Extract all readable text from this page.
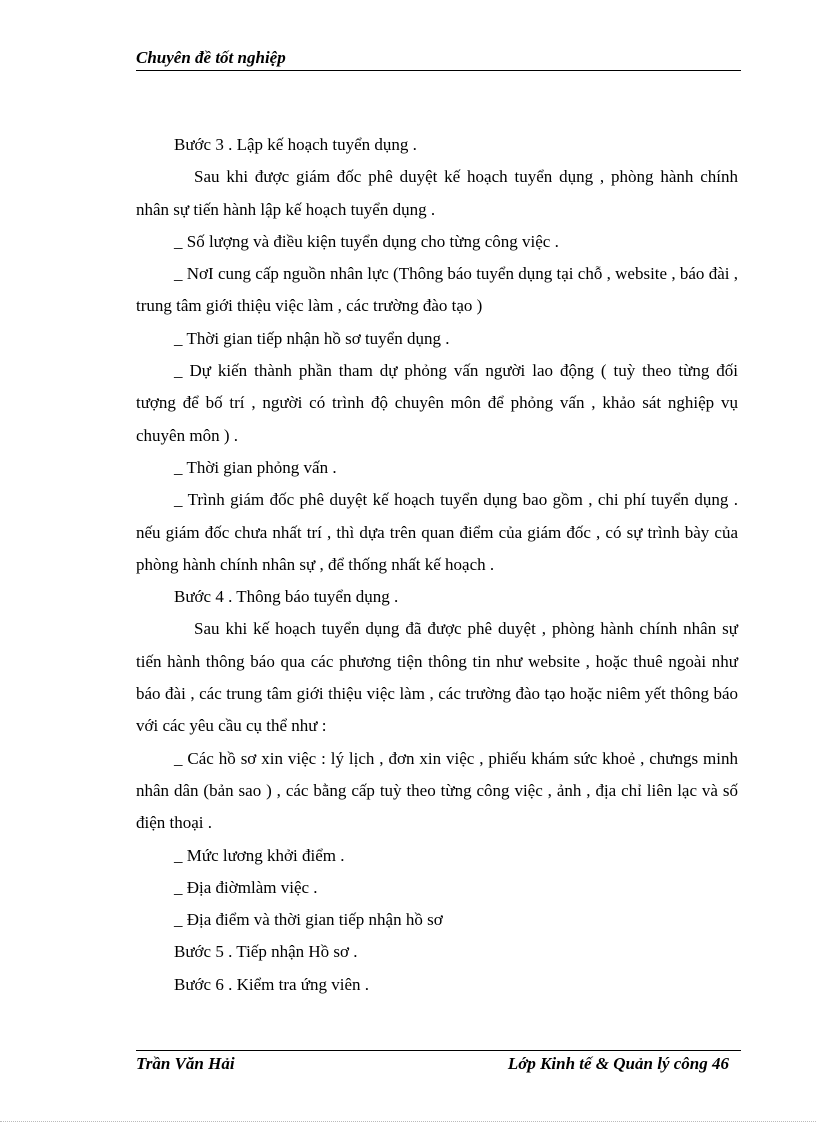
Chuyên đề tốt nghiệp

Bước 3 . Lập kế hoạch tuyển dụng .

Sau khi được giám đốc phê duyệt kế hoạch tuyển dụng , phòng hành chính nhân sự tiến hành lập kế hoạch tuyển dụng .

_ Số lượng và điều kiện tuyển dụng cho từng công việc .

_ NơI cung cấp nguồn nhân lực (Thông báo tuyển dụng tại chỗ , website , báo đài , trung tâm giới thiệu việc làm , các trường đào tạo )

_ Thời gian tiếp nhận hồ sơ tuyển dụng .

_ Dự kiến thành phần tham dự phỏng vấn người lao động ( tuỳ theo từng đối tượng để bố trí , người có trình độ chuyên môn để phỏng vấn , khảo sát nghiệp vụ chuyên môn ) .

_ Thời gian phỏng vấn .

_ Trình giám đốc phê duyệt kế hoạch tuyển dụng bao gồm , chi phí tuyển dụng . nếu giám đốc chưa nhất trí , thì dựa trên quan điểm của giám đốc , có sự trình bày của phòng hành chính nhân sự , để thống nhất kế hoạch .

Bước 4 . Thông báo tuyển dụng .

Sau khi kế hoạch tuyển dụng đã được phê duyệt , phòng hành chính nhân sự tiến hành thông báo qua các phương tiện thông tin như website , hoặc thuê ngoài như báo đài , các trung tâm giới thiệu việc làm , các trường đào tạo hoặc niêm yết thông báo với các yêu cầu cụ thể như :

_ Các hồ sơ xin việc : lý lịch , đơn xin việc , phiếu khám sức khoẻ , chưngs minh nhân dân (bản sao ) , các bằng cấp tuỳ theo từng công việc , ảnh , địa chỉ liên lạc và số điện thoại .

_ Mức lương khởi điểm .

_ Địa điờmlàm việc .

_ Địa điểm và thời gian tiếp nhận hồ sơ

Bước 5 . Tiếp nhận Hồ sơ .

Bước 6 . Kiểm tra ứng viên .

Trần Văn Hải	Lớp Kinh tế & Quản lý công 46
